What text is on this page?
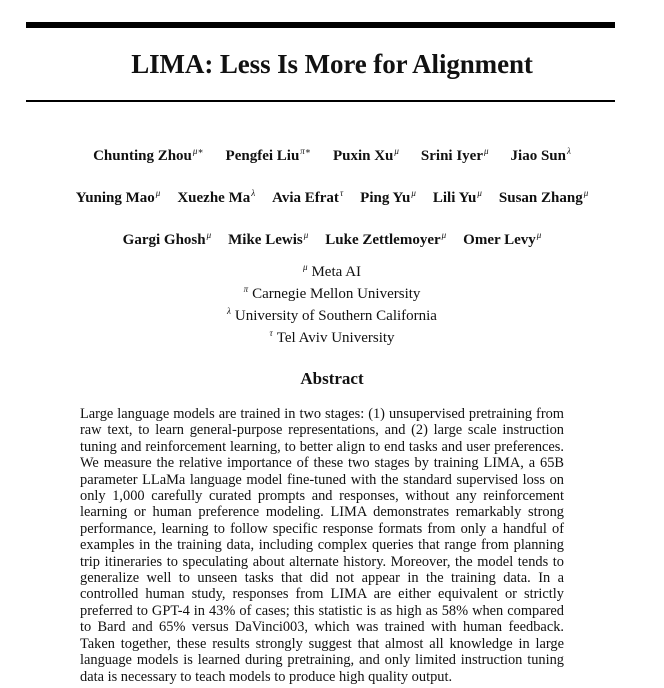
LIMA: Less Is More for Alignment
Chunting Zhou$^{\mu∗}$ Pengfei Liu$^{\pi∗}$ Puxin $Xu^\mu$ Srini Iyer$^\mu$ Jiao Sun$^\lambda$
Yuning Mao$^\mu$ Xuezhe $Ma^\lambda$ Avia Efrat$^\tau$ Ping $Yu^\mu$ Lili $Yu^\mu$ Susan Zhang$^\mu$
Gargi Ghosh$^\mu$ Mike Lewis$^\mu$ Luke Zettlemoyer$^\mu$ Omer Levy$^\mu$
$^\mu$ Meta AI
$^\pi$ Carnegie Mellon University
$^\lambda$ University of Southern California
$^\tau$ Tel Aviv University
Abstract

Large language models are trained in two stages: (1) unsupervised pretraining from raw text, to learn general-purpose representations, and (2) large scale instruction tuning and reinforcement learning, to better align to end tasks and user preferences. We measure the relative importance of these two stages by training LIMA, a 65B parameter LLaMa language model fine-tuned with the standard supervised loss on only 1,000 carefully curated prompts and responses, without any reinforcement learning or human preference modeling. LIMA demonstrates remarkably strong performance, learning to follow specific response formats from only a handful of examples in the training data, including complex queries that range from planning trip itineraries to speculating about alternate history. Moreover, the model tends to generalize well to unseen tasks that did not appear in the training data. In a controlled human study, responses from LIMA are either equivalent or strictly preferred to GPT-4 in 43% of cases; this statistic is as high as 58% when compared to Bard and 65% versus DaVinci003, which was trained with human feedback. Taken together, these results strongly suggest that almost all knowledge in large language models is learned during pretraining, and only limited instruction tuning data is necessary to teach models to produce high quality output.
